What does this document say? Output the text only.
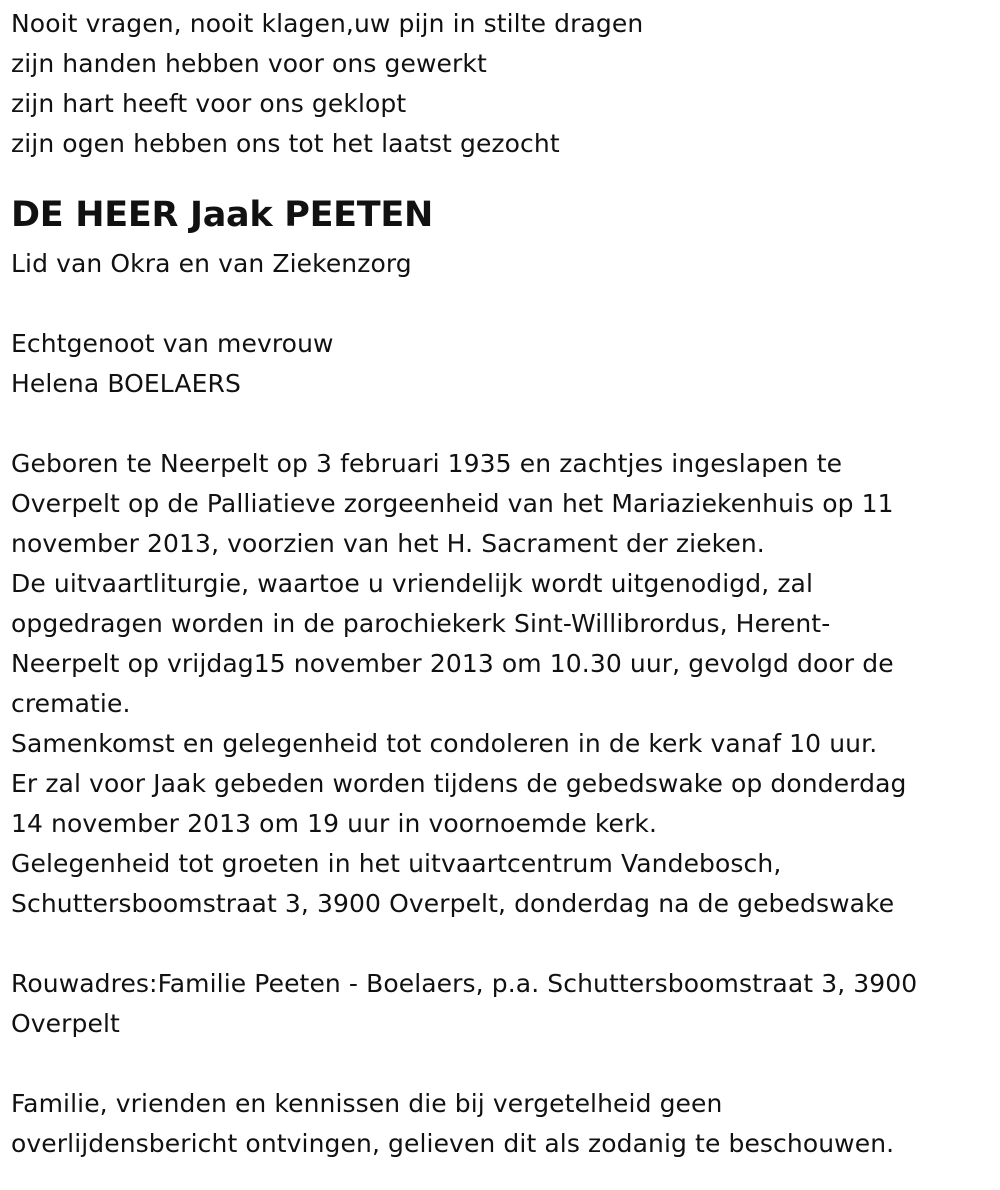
Nooit vragen, nooit klagen,uw pijn in stilte dragen
zijn handen hebben voor ons gewerkt
zijn hart heeft voor ons geklopt
zijn ogen hebben ons tot het laatst gezocht
DE HEER Jaak PEETEN
Lid van Okra en van Ziekenzorg
Echtgenoot van mevrouw
Helena BOELAERS
Geboren te Neerpelt op 3 februari 1935 en zachtjes ingeslapen te
Overpelt op de Palliatieve zorgeenheid van het Mariaziekenhuis op 11
november 2013, voorzien van het H. Sacrament der zieken.
De uitvaartliturgie, waartoe u vriendelijk wordt uitgenodigd, zal
opgedragen worden in de parochiekerk Sint-Willibrordus, Herent-
Neerpelt op vrijdag15 november 2013 om 10.30 uur, gevolgd door de
crematie.
Samenkomst en gelegenheid tot condoleren in de kerk vanaf 10 uur.
Er zal voor Jaak gebeden worden tijdens de gebedswake op donderdag
14 november 2013 om 19 uur in voornoemde kerk.
Gelegenheid tot groeten in het uitvaartcentrum Vandebosch,
Schuttersboomstraat 3, 3900 Overpelt, donderdag na de gebedswake
Rouwadres:Familie Peeten - Boelaers, p.a. Schuttersboomstraat 3, 3900
Overpelt
Familie, vrienden en kennissen die bij vergetelheid geen
overlijdensbericht ontvingen, gelieven dit als zodanig te beschouwen.
